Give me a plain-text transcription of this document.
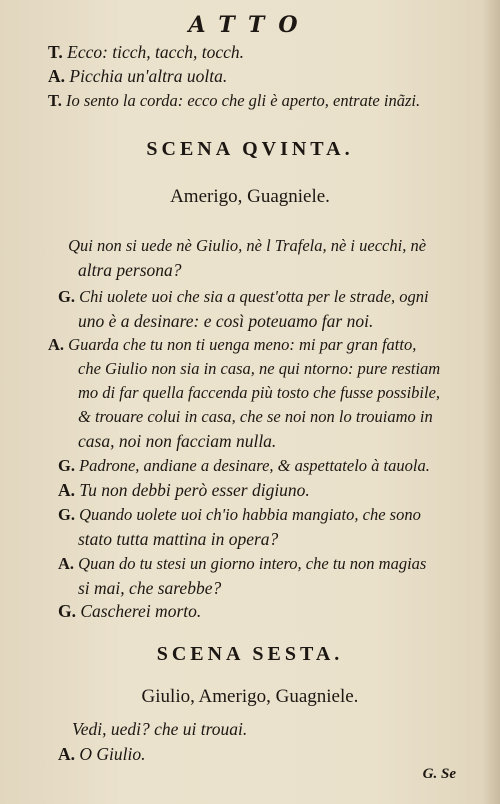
ATTO
T. Ecco: ticch, tacch, tocch.
A. Picchia un'altra uolta.
T. Io sento la corda: ecco che gli è aperto, entrate inãzi.
SCENA QVINTA.
Amerigo, Guagniele.
Qui non si uede nè Giulio, nè l Trafela, nè i uecchi, nè
altra persona?
G. Chi uolete uoi che sia a quest'otta per le strade, ogni
uno è a desinare: e così poteuamo far noi.
A. Guarda che tu non ti uenga meno: mi par gran fatto,
che Giulio non sia in casa, ne qui ntorno: pure restiam
mo di far quella faccenda più tosto che fusse possibile,
& trouare colui in casa, che se noi non lo trouiamo in
casa, noi non facciam nulla.
G. Padrone, andiane a desinare, & aspettatelo à tauola.
A. Tu non debbi però esser digiuno.
G. Quando uolete uoi ch'io habbia mangiato, che sono
stato tutta mattina in opera?
A. Quan do tu stesi un giorno intero, che tu non magias
si mai, che sarebbe?
G. Cascherei morto.
SCENA SESTA.
Giulio, Amerigo, Guagniele.
Vedi, uedi? che ui trouai.
A. O Giulio.
G. Se
